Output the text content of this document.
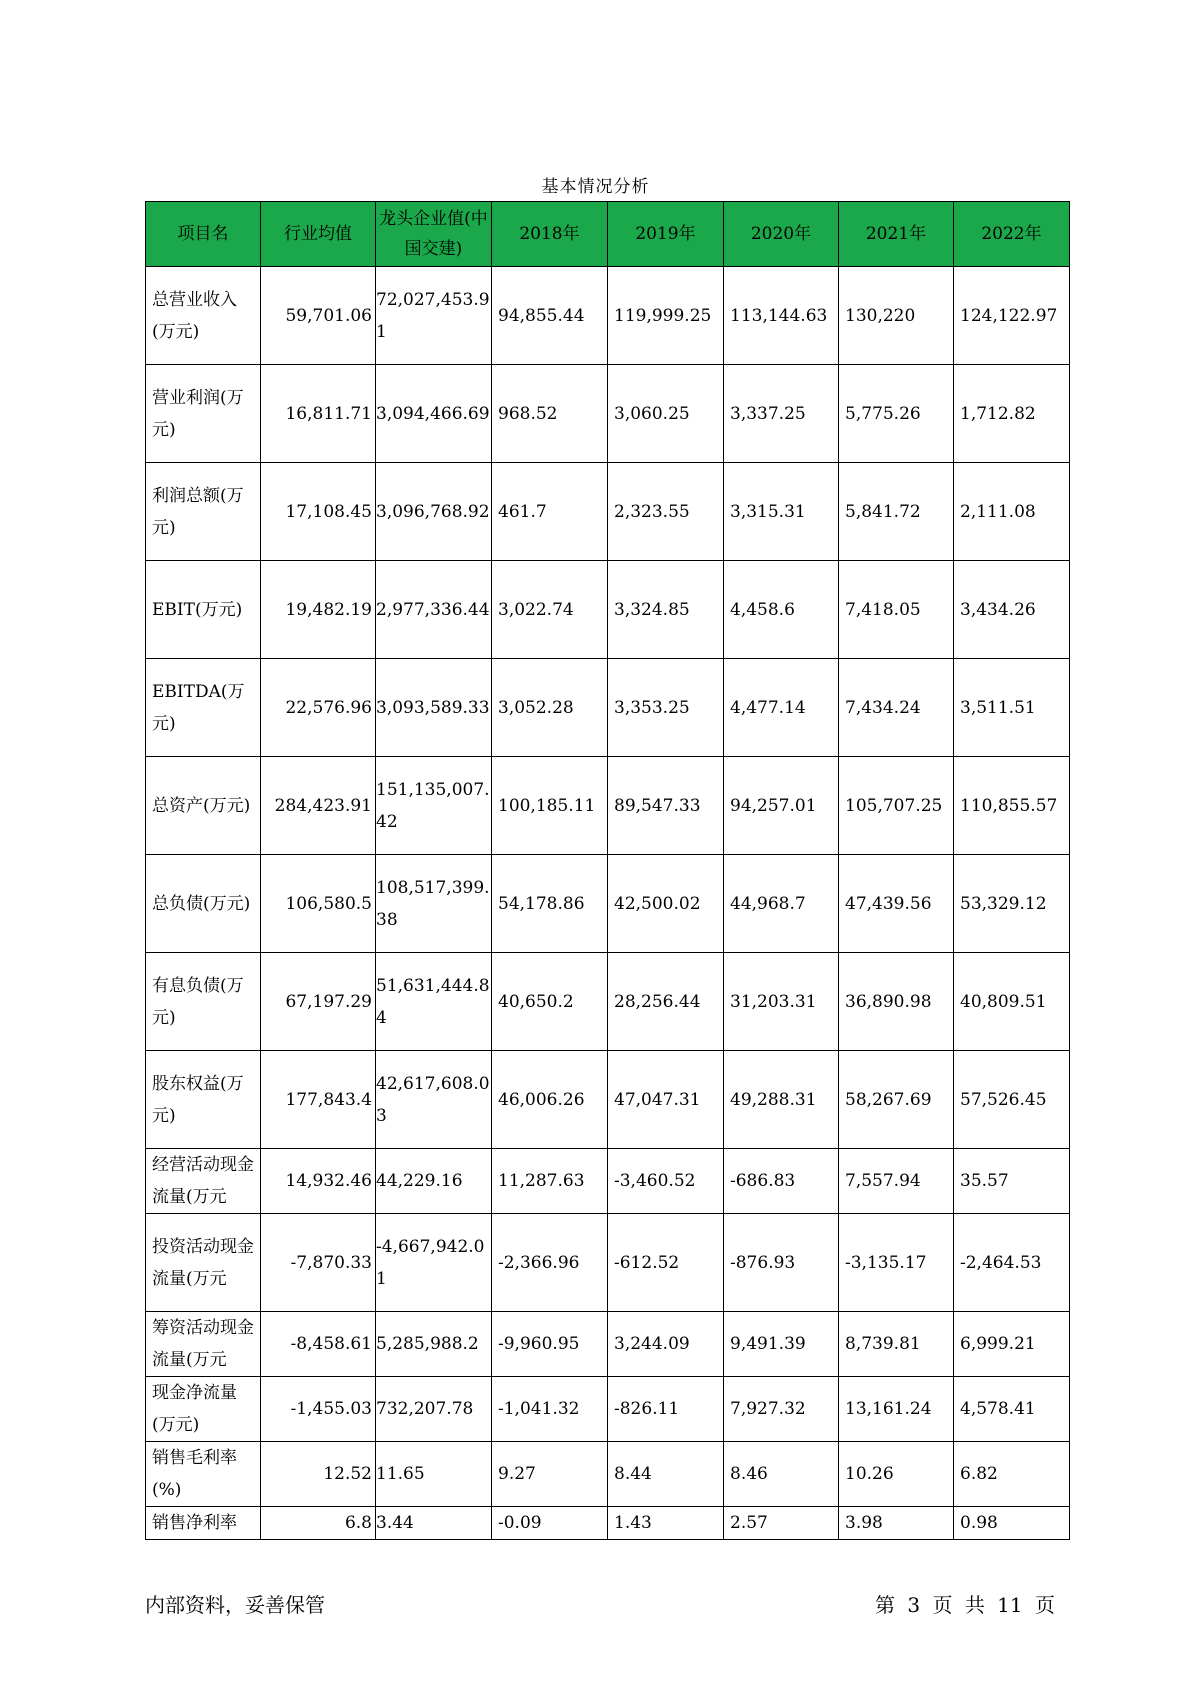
基本情况分析
项目名	行业均值	龙头企业值(中国交建)	2018年	2019年	2020年	2021年	2022年

总营业收入(万元)	59,701.06	72,027,453.91	94,855.44	119,999.25	113,144.63	130,220	124,122.97

营业利润(万元)	16,811.71	3,094,466.69	968.52	3,060.25	3,337.25	5,775.26	1,712.82

利润总额(万元)	17,108.45	3,096,768.92	461.7	2,323.55	3,315.31	5,841.72	2,111.08

EBIT(万元)	19,482.19	2,977,336.44	3,022.74	3,324.85	4,458.6	7,418.05	3,434.26

EBITDA(万元)	22,576.96	3,093,589.33	3,052.28	3,353.25	4,477.14	7,434.24	3,511.51

总资产(万元)	284,423.91	151,135,007.42	100,185.11	89,547.33	94,257.01	105,707.25	110,855.57

总负债(万元)	106,580.5	108,517,399.38	54,178.86	42,500.02	44,968.7	47,439.56	53,329.12

有息负债(万元)	67,197.29	51,631,444.84	40,650.2	28,256.44	31,203.31	36,890.98	40,809.51

股东权益(万元)	177,843.4	42,617,608.03	46,006.26	47,047.31	49,288.31	58,267.69	57,526.45

经营活动现金流量(万元	14,932.46	44,229.16	11,287.63	-3,460.52	-686.83	7,557.94	35.57

投资活动现金流量(万元	-7,870.33	-4,667,942.01	-2,366.96	-612.52	-876.93	-3,135.17	-2,464.53

筹资活动现金流量(万元	-8,458.61	5,285,988.2	-9,960.95	3,244.09	9,491.39	8,739.81	6,999.21

现金净流量(万元)	-1,455.03	732,207.78	-1,041.32	-826.11	7,927.32	13,161.24	4,578.41

销售毛利率(%)	12.52	11.65	9.27	8.44	8.46	10.26	6.82

销售净利率	6.8	3.44	-0.09	1.43	2.57	3.98	0.98
内部资料，妥善保管	第 3 页 共 11 页
